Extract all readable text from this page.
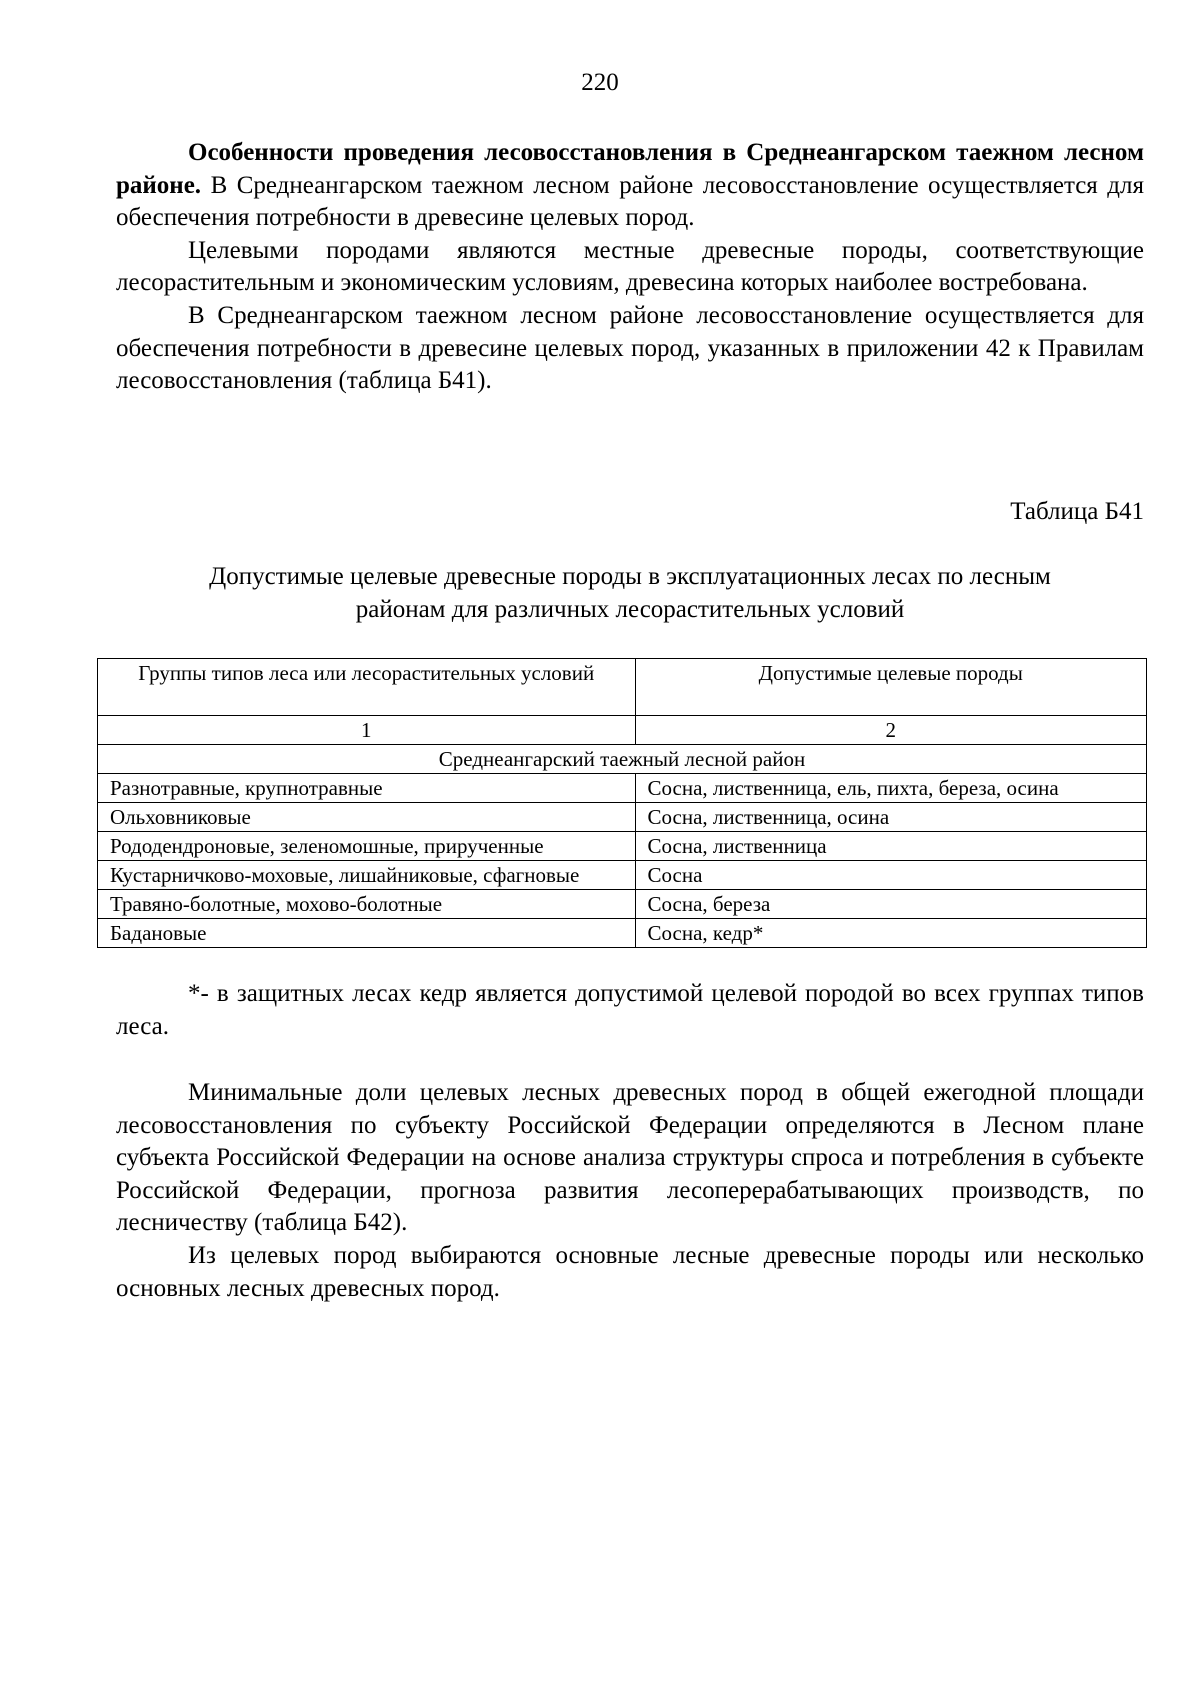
220

Особенности проведения лесовосстановления в Среднеангарском таежном лесном районе. В Среднеангарском таежном лесном районе лесовосстановление осуществляется для обеспечения потребности в древесине целевых пород.

Целевыми породами являются местные древесные породы, соответствующие лесорастительным и экономическим условиям, древесина которых наиболее востребована.

В Среднеангарском таежном лесном районе лесовосстановление осуществляется для обеспечения потребности в древесине целевых пород, указанных в приложении 42 к Правилам лесовосстановления (таблица Б41).

Таблица Б41
Допустимые целевые древесные породы в эксплуатационных лесах по лесным
районам для различных лесорастительных условий
Группы типов леса или лесорастительных условий	Допустимые целевые породы
1	2
Среднеангарский таежный лесной район	
Разнотравные, крупнотравные	Сосна, лиственница, ель, пихта, береза, осина
Ольховниковые	Сосна, лиственница, осина
Рододендроновые, зеленомошные, прирученные	Сосна, лиственница
Кустарничково-моховые, лишайниковые, сфагновые	Сосна
Травяно-болотные, мохово-болотные	Сосна, береза
Бадановые	Сосна, кедр*

*- в защитных лесах кедр является допустимой целевой породой во всех группах типов леса.

Минимальные доли целевых лесных древесных пород в общей ежегодной площади лесовосстановления по субъекту Российской Федерации определяются в Лесном плане субъекта Российской Федерации на основе анализа структуры спроса и потребления в субъекте Российской Федерации, прогноза развития лесоперерабатывающих производств, по лесничеству (таблица Б42).

Из целевых пород выбираются основные лесные древесные породы или несколько основных лесных древесных пород.
